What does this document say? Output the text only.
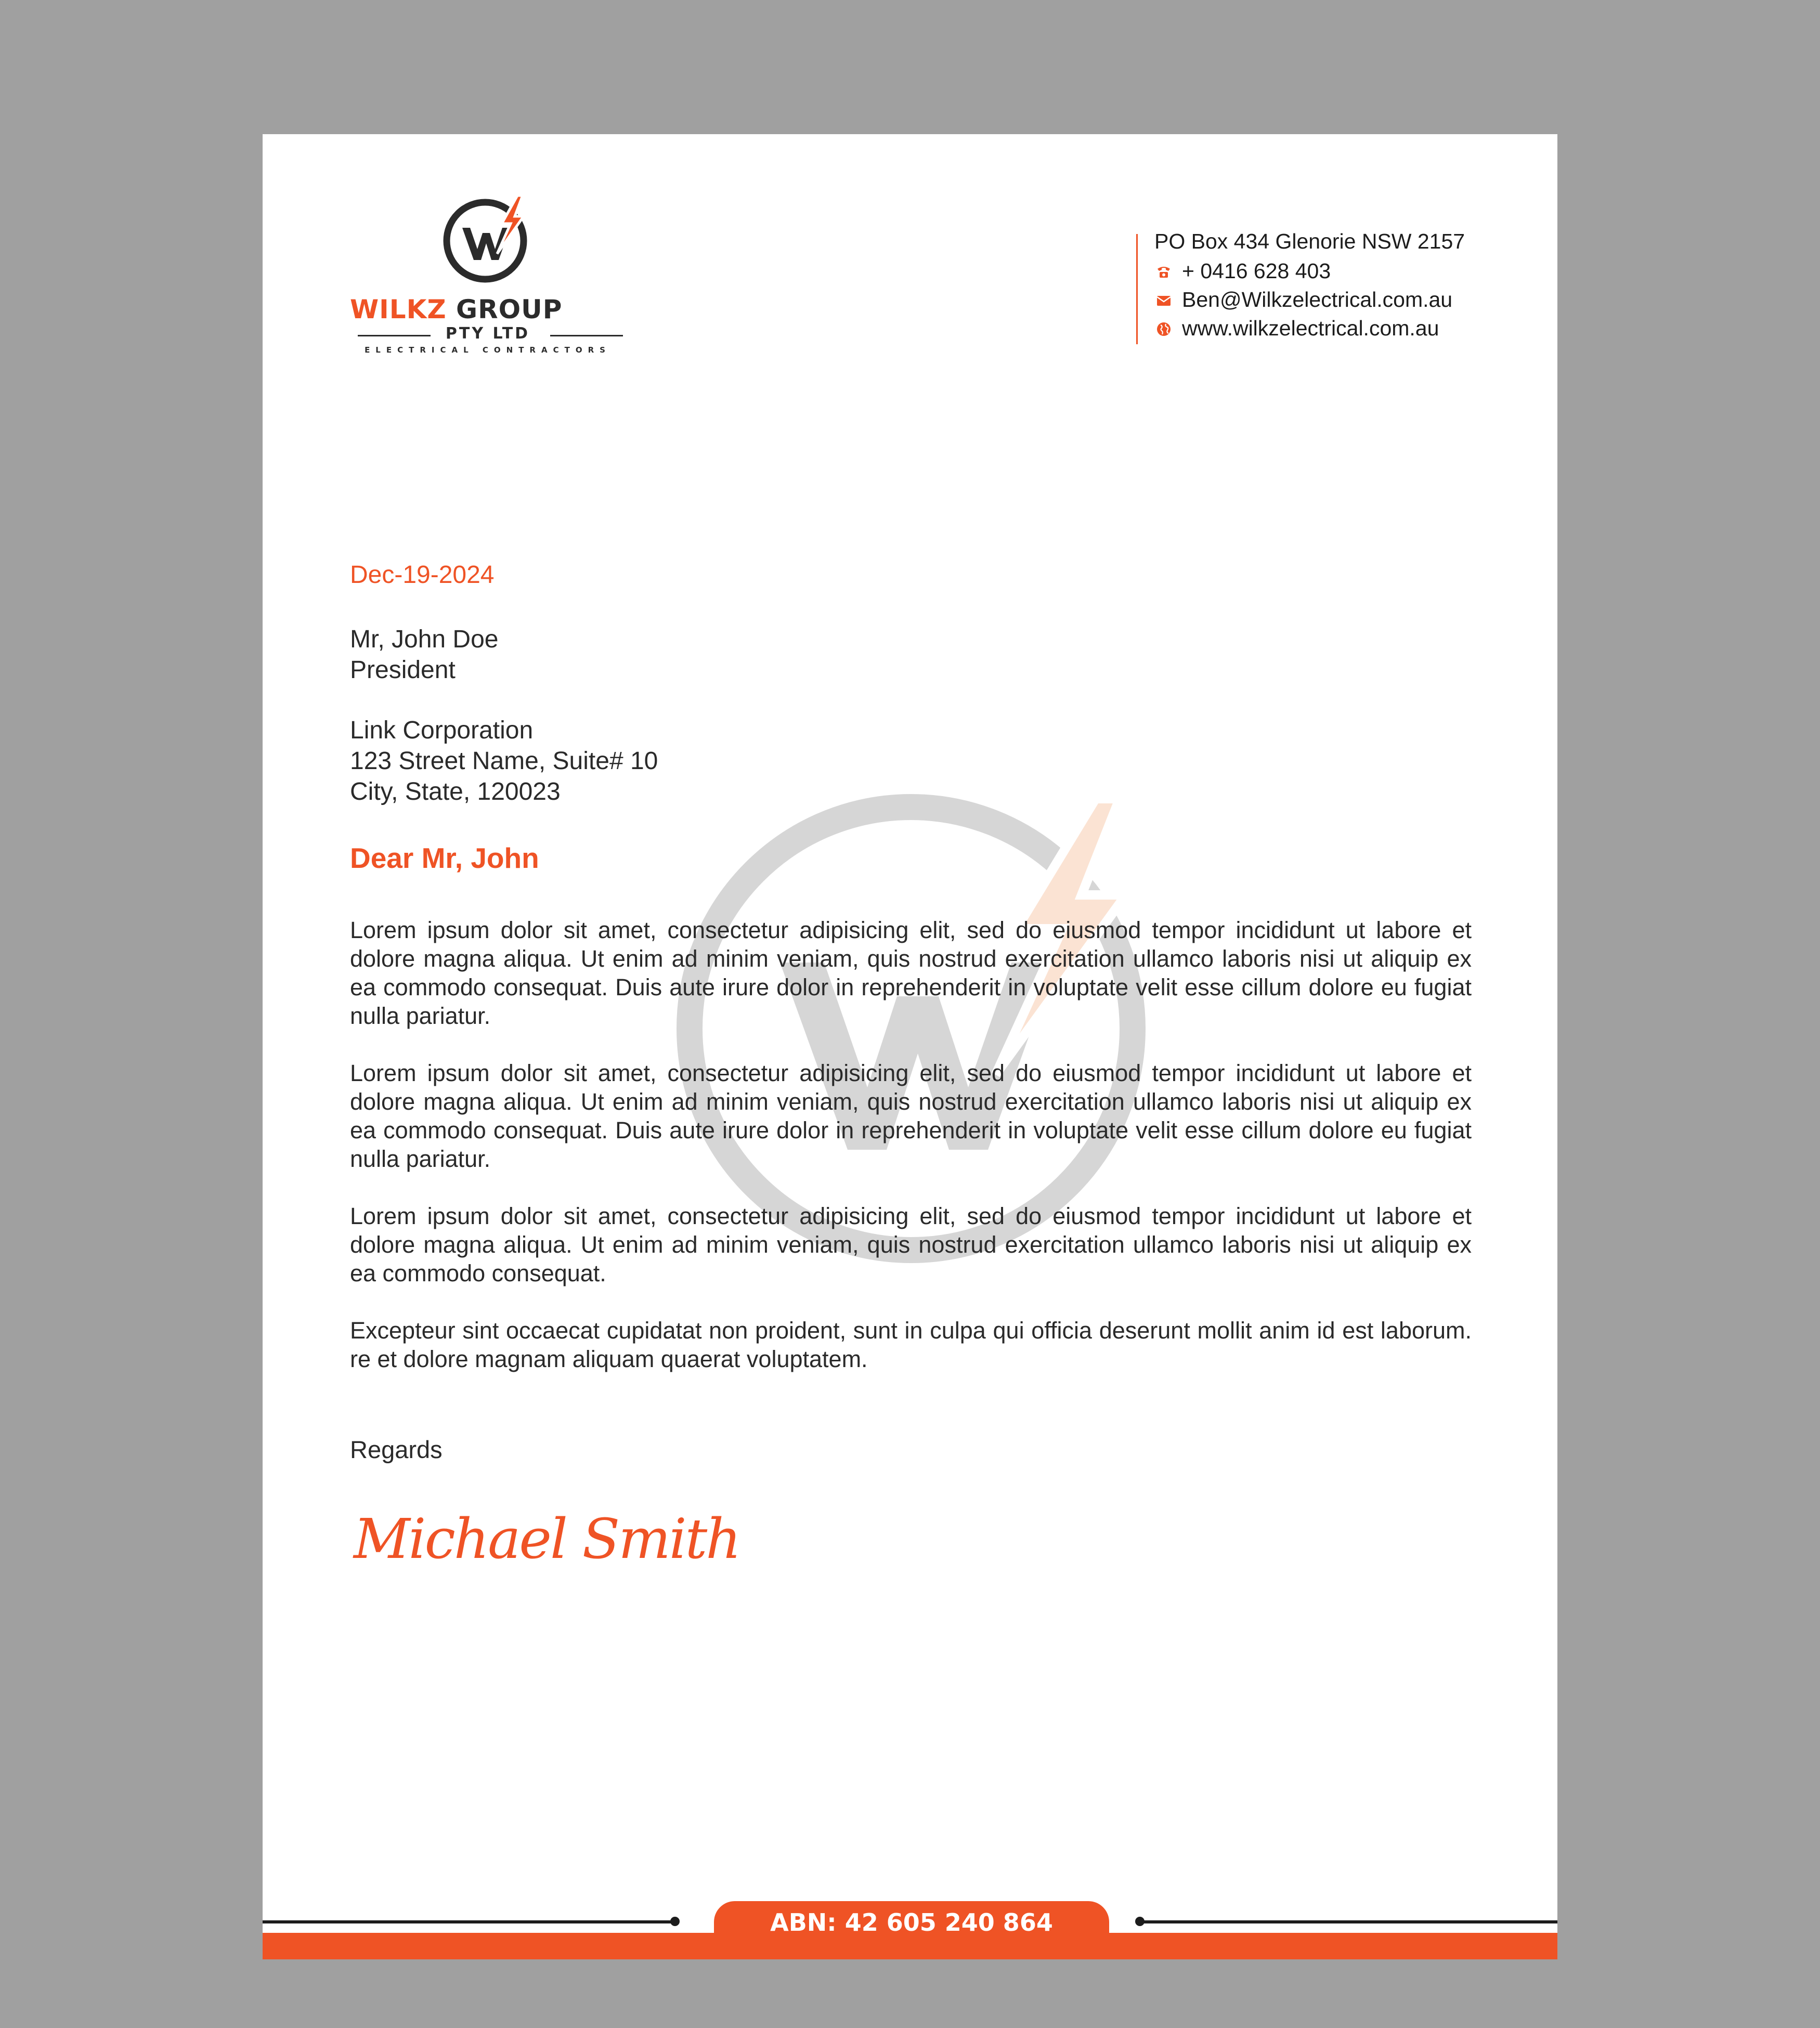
WILKZ GROUP
PTY LTD
ELECTRICAL CONTRACTORS
PO Box 434 Glenorie NSW 2157
+ 0416 628 403
Ben@Wilkzelectrical.com.au
www.wilkzelectrical.com.au
Dec-19-2024
Mr, John Doe
President
Link Corporation
123 Street Name, Suite# 10
City, State, 120023
Dear Mr, John

Lorem ipsum dolor sit amet, consectetur adipisicing elit, sed do eiusmod tempor incididunt ut labore et dolore magna aliqua. Ut enim ad minim veniam, quis nostrud exercitation ullamco laboris nisi ut aliquip ex ea commodo consequat. Duis aute irure dolor in reprehenderit in voluptate velit esse cillum dolore eu fugiat nulla pariatur.

Lorem ipsum dolor sit amet, consectetur adipisicing elit, sed do eiusmod tempor incididunt ut labore et dolore magna aliqua. Ut enim ad minim veniam, quis nostrud exercitation ullamco laboris nisi ut aliquip ex ea commodo consequat. Duis aute irure dolor in reprehenderit in voluptate velit esse cillum dolore eu fugiat nulla pariatur.

Lorem ipsum dolor sit amet, consectetur adipisicing elit, sed do eiusmod tempor incididunt ut labore et dolore magna aliqua. Ut enim ad minim veniam, quis nostrud exercitation ullamco laboris nisi ut aliquip ex ea commodo consequat.

Excepteur sint occaecat cupidatat non proident, sunt in culpa qui officia deserunt mollit anim id est laborum. re et dolore magnam aliquam quaerat voluptatem.

Regards
Michael Smith
ABN: 42 605 240 864
